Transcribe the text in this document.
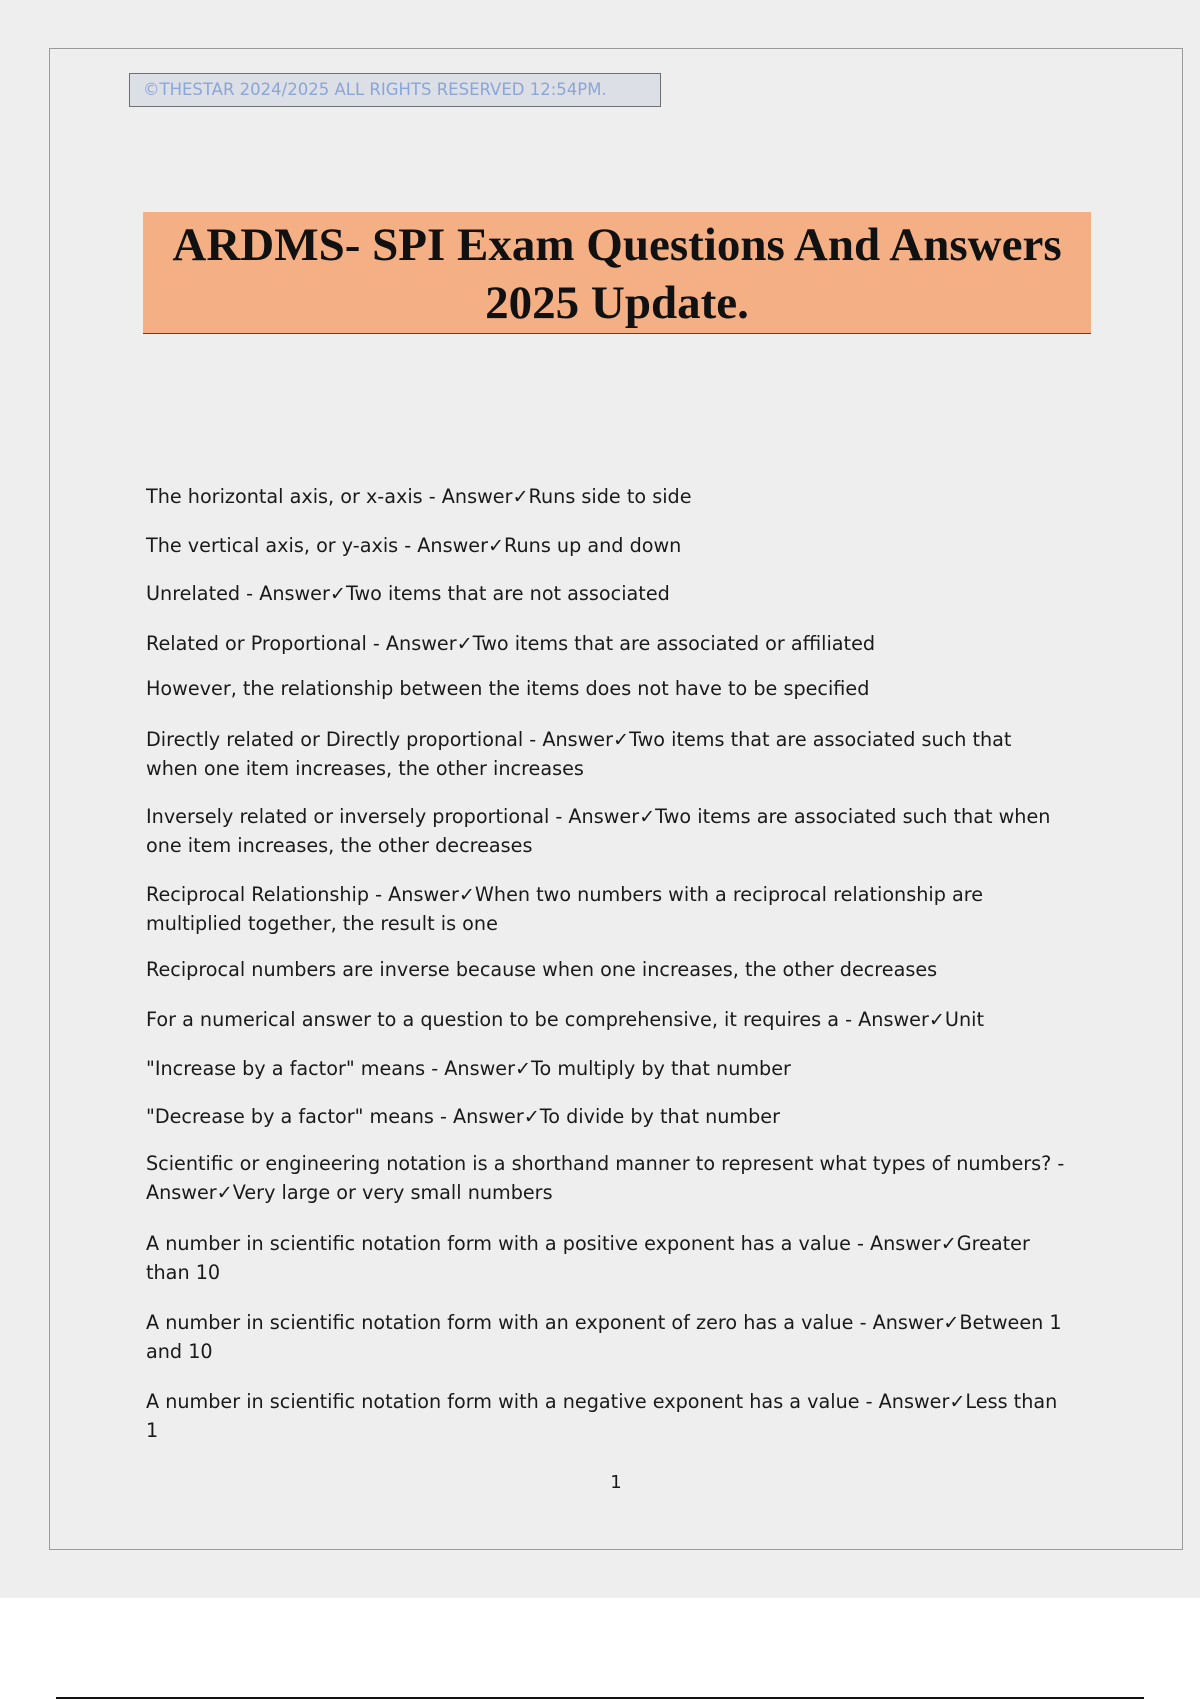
©THESTAR 2024/2025 ALL RIGHTS RESERVED 12:54PM.
ARDMS- SPI Exam Questions And Answers
2025 Update.
The horizontal axis, or x-axis - Answer✓Runs side to side
The vertical axis, or y-axis - Answer✓Runs up and down
Unrelated - Answer✓Two items that are not associated
Related or Proportional - Answer✓Two items that are associated or affiliated
However, the relationship between the items does not have to be specified
Directly related or Directly proportional - Answer✓Two items that are associated such that
when one item increases, the other increases
Inversely related or inversely proportional - Answer✓Two items are associated such that when
one item increases, the other decreases
Reciprocal Relationship - Answer✓When two numbers with a reciprocal relationship are
multiplied together, the result is one
Reciprocal numbers are inverse because when one increases, the other decreases
For a numerical answer to a question to be comprehensive, it requires a - Answer✓Unit
"Increase by a factor" means - Answer✓To multiply by that number
"Decrease by a factor" means - Answer✓To divide by that number
Scientific or engineering notation is a shorthand manner to represent what types of numbers? -
Answer✓Very large or very small numbers
A number in scientific notation form with a positive exponent has a value - Answer✓Greater
than 10
A number in scientific notation form with an exponent of zero has a value - Answer✓Between 1
and 10
A number in scientific notation form with a negative exponent has a value - Answer✓Less than
1
1
